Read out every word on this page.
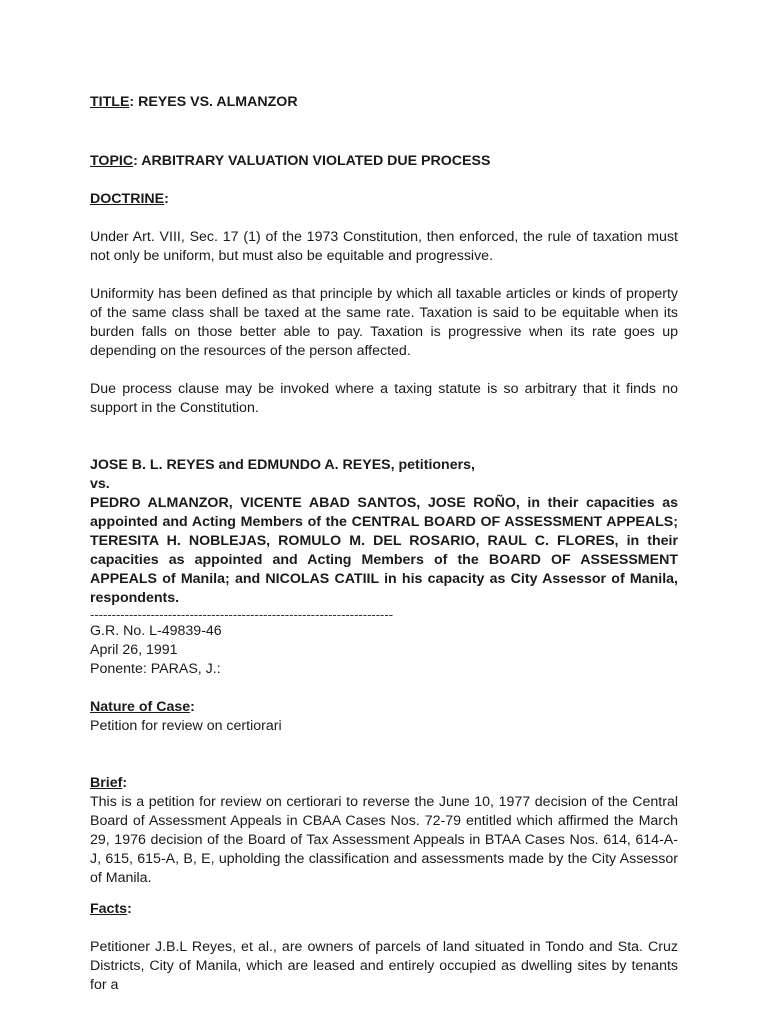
TITLE: REYES VS. ALMANZOR

TOPIC: ARBITRARY VALUATION VIOLATED DUE PROCESS

DOCTRINE:

Under Art. VIII, Sec. 17 (1) of the 1973 Constitution, then enforced, the rule of taxation must not only be uniform, but must also be equitable and progressive.

Uniformity has been defined as that principle by which all taxable articles or kinds of property of the same class shall be taxed at the same rate. Taxation is said to be equitable when its burden falls on those better able to pay. Taxation is progressive when its rate goes up depending on the resources of the person affected.

Due process clause may be invoked where a taxing statute is so arbitrary that it finds no support in the Constitution.

JOSE B. L. REYES and EDMUNDO A. REYES, petitioners,

vs.

PEDRO ALMANZOR, VICENTE ABAD SANTOS, JOSE ROÑO, in their capacities as appointed and Acting Members of the CENTRAL BOARD OF ASSESSMENT APPEALS; TERESITA H. NOBLEJAS, ROMULO M. DEL ROSARIO, RAUL C. FLORES, in their capacities as appointed and Acting Members of the BOARD OF ASSESSMENT APPEALS of Manila; and NICOLAS CATIIL in his capacity as City Assessor of Manila, respondents.

----------------------------------------------------------------------

G.R. No. L-49839-46

April 26, 1991

Ponente: PARAS, J.:

Nature of Case:

Petition for review on certiorari

Brief:

This is a petition for review on certiorari to reverse the June 10, 1977 decision of the Central Board of Assessment Appeals in CBAA Cases Nos. 72-79 entitled which affirmed the March 29, 1976 decision of the Board of Tax Assessment Appeals in BTAA Cases Nos. 614, 614-A-J, 615, 615-A, B, E, upholding the classification and assessments made by the City Assessor of Manila.

Facts:

Petitioner J.B.L Reyes, et al., are owners of parcels of land situated in Tondo and Sta. Cruz Districts, City of Manila, which are leased and entirely occupied as dwelling sites by tenants for a
